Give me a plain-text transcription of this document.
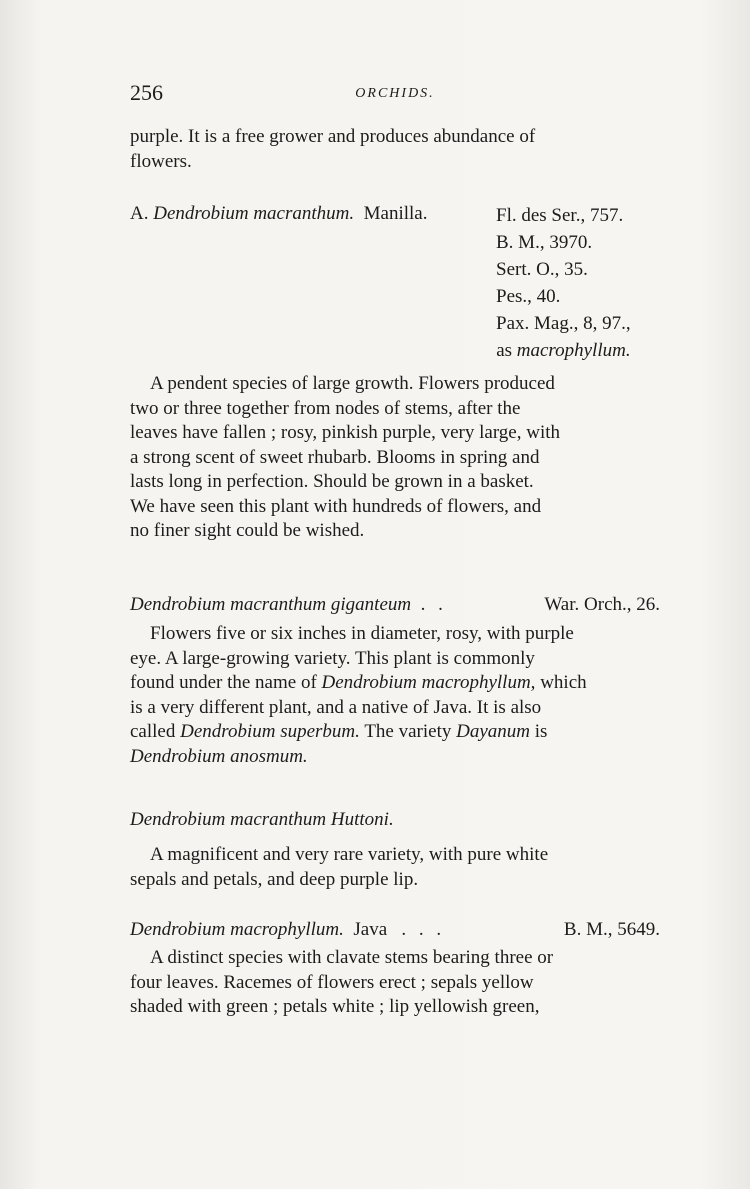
256	ORCHIDS.
purple. It is a free grower and produces abundance of
flowers.
A. Dendrobium macranthum. Manilla.	Fl. des Ser., 757.
B. M., 3970.
Sert. O., 35.
Pes., 40.
Pax. Mag., 8, 97.,
as macrophyllum.
A pendent species of large growth. Flowers produced
two or three together from nodes of stems, after the
leaves have fallen ; rosy, pinkish purple, very large, with
a strong scent of sweet rhubarb. Blooms in spring and
lasts long in perfection. Should be grown in a basket.
We have seen this plant with hundreds of flowers, and
no finer sight could be wished.
Dendrobium macranthum giganteum . .	War. Orch., 26.
Flowers five or six inches in diameter, rosy, with purple
eye. A large-growing variety. This plant is commonly
found under the name of Dendrobium macrophyllum, which
is a very different plant, and a native of Java. It is also
called Dendrobium superbum. The variety Dayanum is
Dendrobium anosmum.
Dendrobium macranthum Huttoni.
A magnificent and very rare variety, with pure white
sepals and petals, and deep purple lip.
Dendrobium macrophyllum. Java . . .	B. M., 5649.
A distinct species with clavate stems bearing three or
four leaves. Racemes of flowers erect ; sepals yellow
shaded with green ; petals white ; lip yellowish green,
